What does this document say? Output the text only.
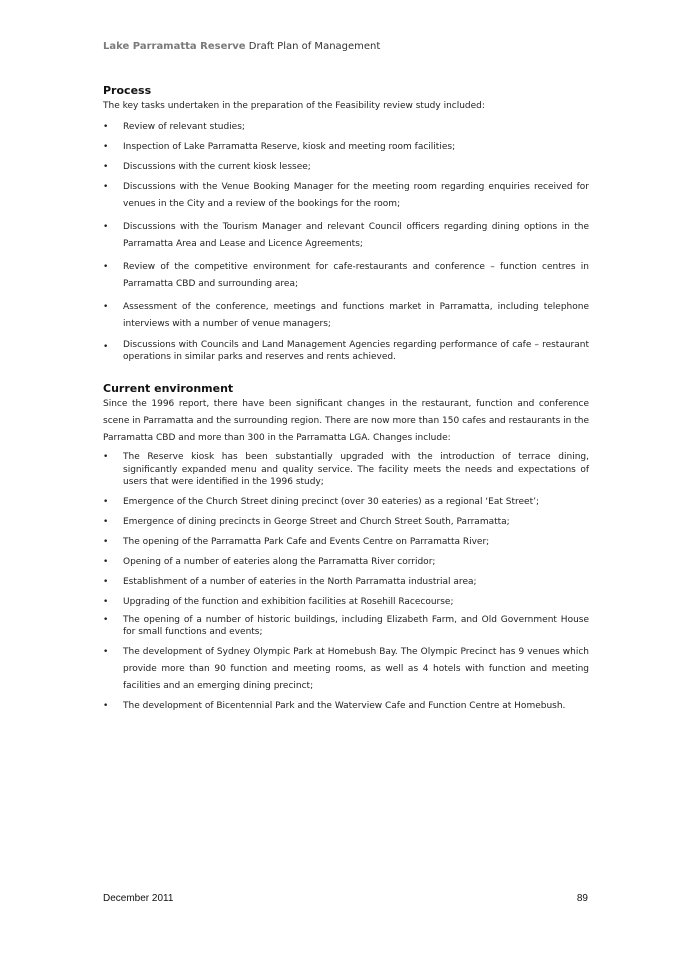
Lake Parramatta Reserve Draft Plan of Management
Process

The key tasks undertaken in the preparation of the Feasibility review study included:

• Review of relevant studies;
• Inspection of Lake Parramatta Reserve, kiosk and meeting room facilities;
• Discussions with the current kiosk lessee;
• Discussions with the Venue Booking Manager for the meeting room regarding enquiries received for venues in the City and a review of the bookings for the room;
• Discussions with the Tourism Manager and relevant Council officers regarding dining options in the Parramatta Area and Lease and Licence Agreements;
• Review of the competitive environment for cafe-restaurants and conference – function centres in Parramatta CBD and surrounding area;
• Assessment of the conference, meetings and functions market in Parramatta, including telephone interviews with a number of venue managers;
• Discussions with Councils and Land Management Agencies regarding performance of cafe – restaurant operations in similar parks and reserves and rents achieved.
Current environment

Since the 1996 report, there have been significant changes in the restaurant, function and conference scene in Parramatta and the surrounding region. There are now more than 150 cafes and restaurants in the Parramatta CBD and more than 300 in the Parramatta LGA. Changes include:

• The Reserve kiosk has been substantially upgraded with the introduction of terrace dining, significantly expanded menu and quality service. The facility meets the needs and expectations of users that were identified in the 1996 study;
• Emergence of the Church Street dining precinct (over 30 eateries) as a regional ‘Eat Street’;
• Emergence of dining precincts in George Street and Church Street South, Parramatta;
• The opening of the Parramatta Park Cafe and Events Centre on Parramatta River;
• Opening of a number of eateries along the Parramatta River corridor;
• Establishment of a number of eateries in the North Parramatta industrial area;
• Upgrading of the function and exhibition facilities at Rosehill Racecourse;
• The opening of a number of historic buildings, including Elizabeth Farm, and Old Government House for small functions and events;
• The development of Sydney Olympic Park at Homebush Bay. The Olympic Precinct has 9 venues which provide more than 90 function and meeting rooms, as well as 4 hotels with function and meeting facilities and an emerging dining precinct;
• The development of Bicentennial Park and the Waterview Cafe and Function Centre at Homebush.
December 2011	89
